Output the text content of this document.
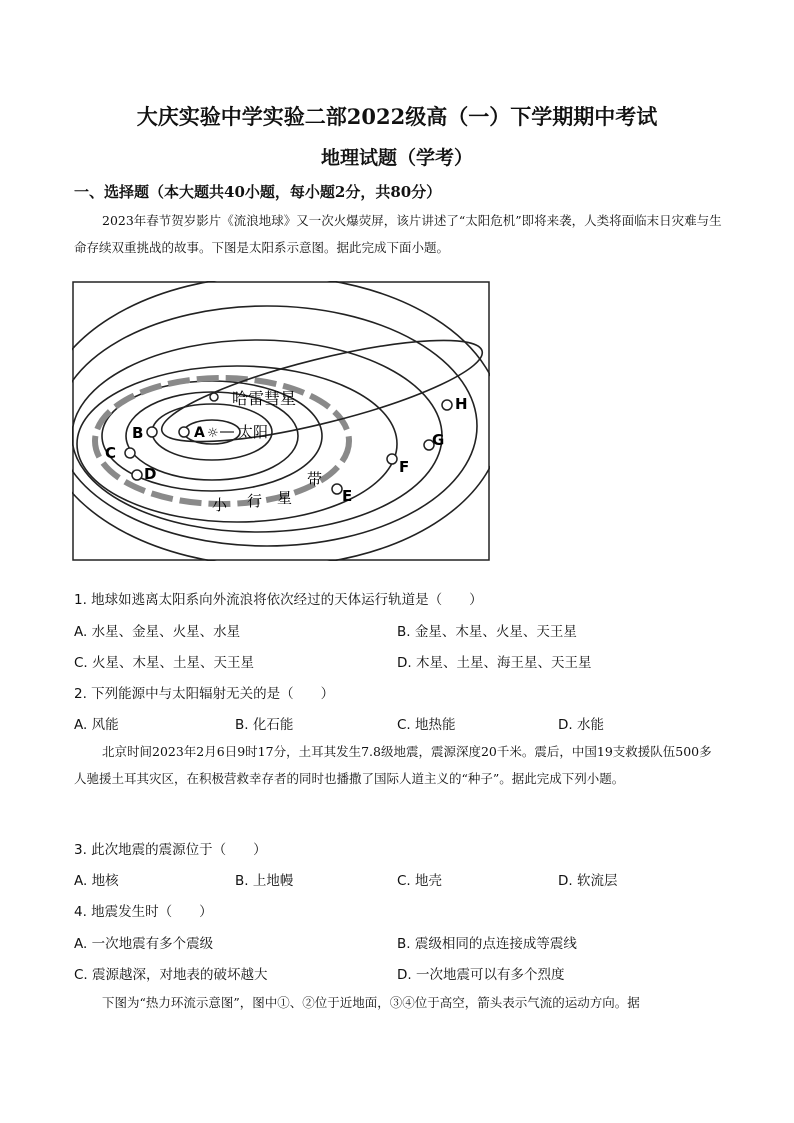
大庆实验中学实验二部2022级高（一）下学期期中考试
地理试题（学考）
一、选择题（本大题共40小题，每小题2分，共80分）
2023年春节贺岁影片《流浪地球》又一次火爆荧屏，该片讲述了“太阳危机”即将来袭，人类将面临末日灾难与生命存续双重挑战的故事。下图是太阳系示意图。据此完成下面小题。
A ☼ 太阳
哈雷彗星
B
C
D
E
F
G
H
小 行 星
带
1. 地球如逃离太阳系向外流浪将依次经过的天体运行轨道是（　　）
A. 水星、金星、火星、水星	B. 金星、木星、火星、天王星
C. 火星、木星、土星、天王星	D. 木星、土星、海王星、天王星
2. 下列能源中与太阳辐射无关的是（　　）
A. 风能	B. 化石能	C. 地热能	D. 水能
北京时间2023年2月6日9时17分，土耳其发生7.8级地震，震源深度20千米。震后，中国19支救援队伍500多人驰援土耳其灾区，在积极营救幸存者的同时也播撒了国际人道主义的“种子”。据此完成下列小题。
3. 此次地震的震源位于（　　）
A. 地核	B. 上地幔	C. 地壳	D. 软流层
4. 地震发生时（　　）
A. 一次地震有多个震级	B. 震级相同的点连接成等震线
C. 震源越深，对地表的破坏越大	D. 一次地震可以有多个烈度
下图为“热力环流示意图”，图中①、②位于近地面，③④位于高空，箭头表示气流的运动方向。据
